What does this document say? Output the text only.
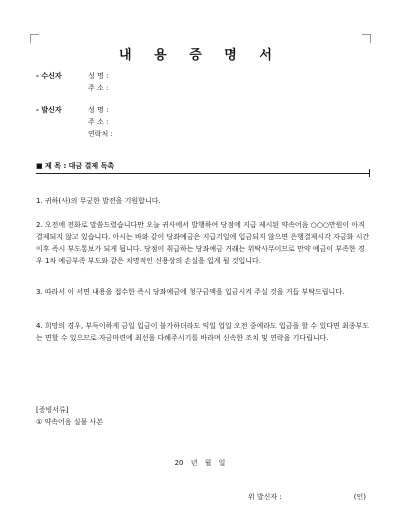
내 용 증 명 서
- 수신자	성 명 :
주 소 :
- 발신자	성 명 :
주 소 :
연락처 :
■ 제 목 : 대금 결제 독촉

1. 귀하(사)의 무궁한 발전을 기원합니다.

2. 오전에 전화로 말씀드렸습니다만 오늘 귀사에서 발행하여 당점에 지급 제시된 약속어음 ○○○만원이 아직 결제되지 않고 있습니다. 아시는 바와 같이 당좌예금은 지급기일에 입금되지 않으면 은행결제시각 자금화 시간 이후 즉시 부도통보가 되게 됩니다. 당점이 취급하는 당좌예금 거래는 위탁사무이므로 만약 예금이 부족한 경우 1차 예금부족 부도와 같은 치명적인 신용상의 손실을 입게 될 것입니다.

3. 따라서 이 서면 내용을 접수한 즉시 당좌예금에 청구금액을 입금시켜 주실 것을 거듭 부탁드립니다.

4. 희망의 경우, 부득이하게 금일 입금이 불가하더라도 익일 업일 오전 중에라도 입금을 할 수 있다면 최종부도는 면할 수 있으므로 자금마련에 최선을 다해주시기를 바라며 신속한 조치 및 연락을 기다립니다.

[증빙서류]
① 약속어음 실물 사본
20 년 월 일
위 발신자 :	(인)
